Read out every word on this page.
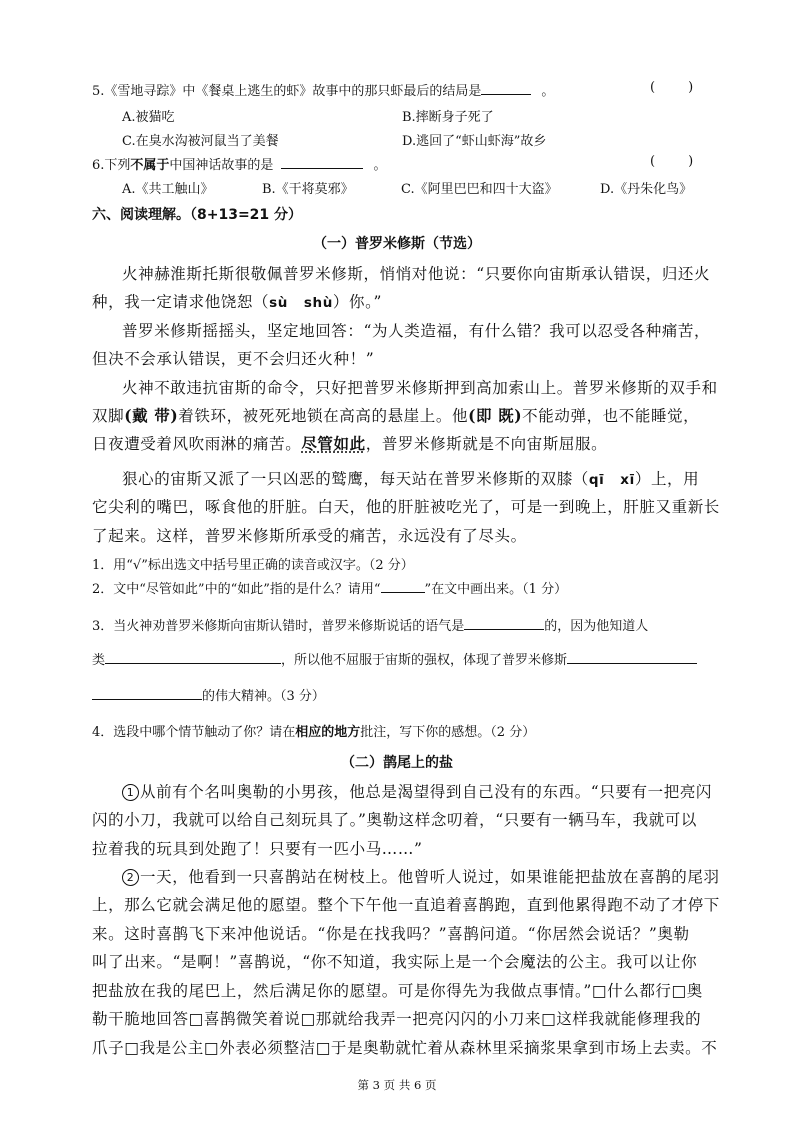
5.《雪地寻踪》中《餐桌上逃生的虾》故事中的那只虾最后的结局是	。	(        )
A.被猫吃	B.摔断身子死了
C.在臭水沟被河鼠当了美餐	D.逃回了“虾山虾海”故乡
6.下列不属于中国神话故事的是	。	(        )
A.《共工触山》	B.《干将莫邪》	C.《阿里巴巴和四十大盗》	D.《丹朱化鸟》
六、阅读理解。（8+13=21 分）
（一）普罗米修斯（节选）
火神赫淮斯托斯很敬佩普罗米修斯，悄悄对他说：“只要你向宙斯承认错误，归还火
种，我一定请求他饶恕（sù   shù）你。”
普罗米修斯摇摇头，坚定地回答：“为人类造福，有什么错？我可以忍受各种痛苦，
但决不会承认错误，更不会归还火种！”
火神不敢违抗宙斯的命令，只好把普罗米修斯押到高加索山上。普罗米修斯的双手和
双脚(戴 带)着铁环，被死死地锁在高高的悬崖上。他(即 既)不能动弹，也不能睡觉，
日夜遭受着风吹雨淋的痛苦。尽管如此，普罗米修斯就是不向宙斯屈服。
狠心的宙斯又派了一只凶恶的鹫鹰，每天站在普罗米修斯的双膝（qī   xī）上，用
它尖利的嘴巴，啄食他的肝脏。白天，他的肝脏被吃光了，可是一到晚上，肝脏又重新长
了起来。这样，普罗米修斯所承受的痛苦，永远没有了尽头。
1．用“√”标出选文中括号里正确的读音或汉字。（2 分）
2．文中“尽管如此”中的“如此”指的是什么？请用“	”在文中画出来。（1 分）
3．当火神劝普罗米修斯向宙斯认错时，普罗米修斯说话的语气是	的，因为他知道人
类	，所以他不屈服于宙斯的强权，体现了普罗米修斯
的伟大精神。（3 分）
4．选段中哪个情节触动了你？请在相应的地方批注，写下你的感想。（2 分）
（二）鹊尾上的盐
1 从前有个名叫奥勒的小男孩，他总是渴望得到自己没有的东西。“只要有一把亮闪
闪的小刀，我就可以给自己刻玩具了。”奥勒这样念叨着，“只要有一辆马车，我就可以
拉着我的玩具到处跑了！只要有一匹小马……”
2 一天，他看到一只喜鹊站在树枝上。他曾听人说过，如果谁能把盐放在喜鹊的尾羽
上，那么它就会满足他的愿望。整个下午他一直追着喜鹊跑，直到他累得跑不动了才停下
来。这时喜鹊飞下来冲他说话。“你是在找我吗？”喜鹊问道。“你居然会说话？”奥勒
叫了出来。“是啊！”喜鹊说，“你不知道，我实际上是一个会魔法的公主。我可以让你
把盐放在我的尾巴上，然后满足你的愿望。可是你得先为我做点事情。”□什么都行□奥
勒干脆地回答□喜鹊微笑着说□那就给我弄一把亮闪闪的小刀来□这样我就能修理我的
爪子□我是公主□外表必须整洁□于是奥勒就忙着从森林里采摘浆果拿到市场上去卖。不
第 3 页 共 6 页
